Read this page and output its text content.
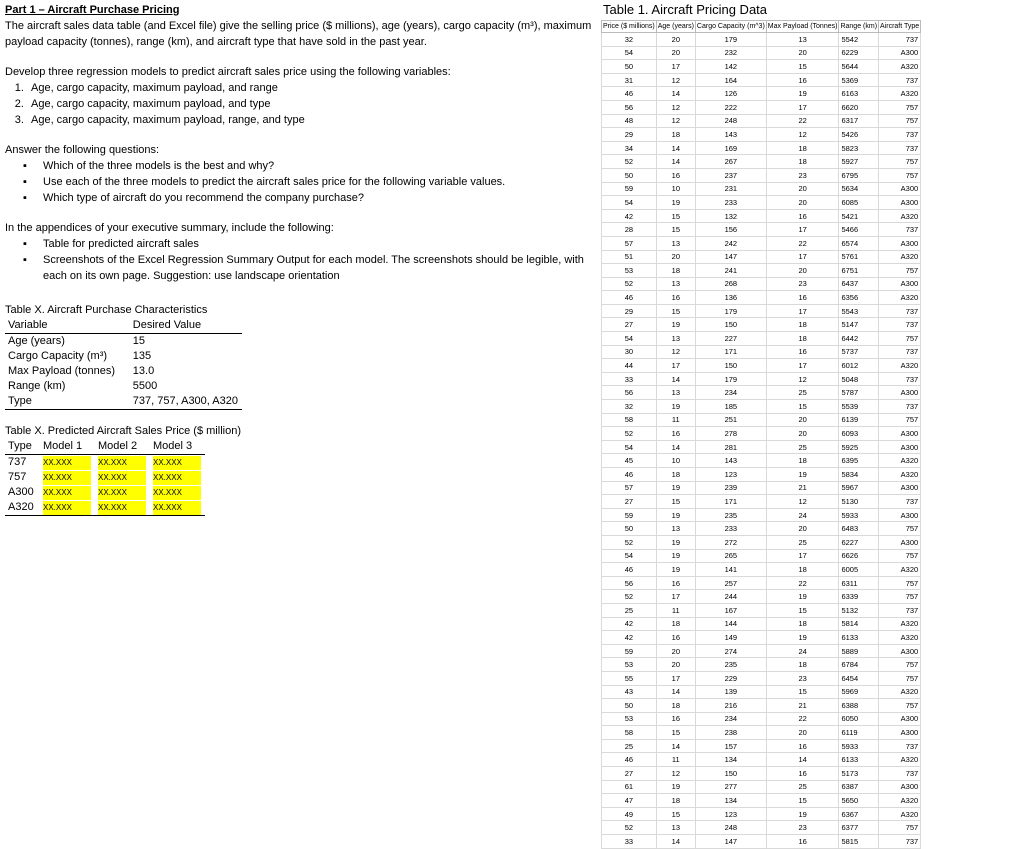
Part 1 – Aircraft Purchase Pricing

The aircraft sales data table (and Excel file) give the selling price ($ millions), age (years), cargo capacity (m³), maximum payload capacity (tonnes), range (km), and aircraft type that have sold in the past year.

Develop three regression models to predict aircraft sales price using the following variables:

1. Age, cargo capacity, maximum payload, and range
2. Age, cargo capacity, maximum payload, and type
3. Age, cargo capacity, maximum payload, range, and type

Answer the following questions:

▪ Which of the three models is the best and why?
▪ Use each of the three models to predict the aircraft sales price for the following variable values.
▪ Which type of aircraft do you recommend the company purchase?

In the appendices of your executive summary, include the following:

▪ Table for predicted aircraft sales
▪ Screenshots of the Excel Regression Summary Output for each model. The screenshots should be legible, with each on its own page. Suggestion: use landscape orientation
Table X. Aircraft Purchase Characteristics
Variable	Desired Value
Age (years)	15
Cargo Capacity (m³)	135
Max Payload (tonnes)	13.0
Range (km)	5500
Type	737, 757, A300, A320
Table X. Predicted Aircraft Sales Price ($ million)
Type	Model 1	Model 2	Model 3
737	XX.XXX	XX.XXX	XX.XXX
757	XX.XXX	XX.XXX	XX.XXX
A300	XX.XXX	XX.XXX	XX.XXX
A320	XX.XXX	XX.XXX	XX.XXX
Table 1. Aircraft Pricing Data
Price ($ millions)	Age (years)	Cargo Capacity (m^3)	Max Payload (Tonnes)	Range (km)	Aircraft Type
32	20	179	13	5542	737
54	20	232	20	6229	A300
50	17	142	15	5644	A320
31	12	164	16	5369	737
46	14	126	19	6163	A320
56	12	222	17	6620	757
48	12	248	22	6317	757
29	18	143	12	5426	737
34	14	169	18	5823	737
52	14	267	18	5927	757
50	16	237	23	6795	757
59	10	231	20	5634	A300
54	19	233	20	6085	A300
42	15	132	16	5421	A320
28	15	156	17	5466	737
57	13	242	22	6574	A300
51	20	147	17	5761	A320
53	18	241	20	6751	757
52	13	268	23	6437	A300
46	16	136	16	6356	A320
29	15	179	17	5543	737
27	19	150	18	5147	737
54	13	227	18	6442	757
30	12	171	16	5737	737
44	17	150	17	6012	A320
33	14	179	12	5048	737
56	13	234	25	5787	A300
32	19	185	15	5539	737
58	11	251	20	6139	757
52	16	278	20	6093	A300
54	14	281	25	5925	A300
45	10	143	18	6395	A320
46	18	123	19	5834	A320
57	19	239	21	5967	A300
27	15	171	12	5130	737
59	19	235	24	5933	A300
50	13	233	20	6483	757
52	19	272	25	6227	A300
54	19	265	17	6626	757
46	19	141	18	6005	A320
56	16	257	22	6311	757
52	17	244	19	6339	757
25	11	167	15	5132	737
42	18	144	18	5814	A320
42	16	149	19	6133	A320
59	20	274	24	5889	A300
53	20	235	18	6784	757
55	17	229	23	6454	757
43	14	139	15	5969	A320
50	18	216	21	6388	757
53	16	234	22	6050	A300
58	15	238	20	6119	A300
25	14	157	16	5933	737
46	11	134	14	6133	A320
27	12	150	16	5173	737
61	19	277	25	6387	A300
47	18	134	15	5650	A320
49	15	123	19	6367	A320
52	13	248	23	6377	757
33	14	147	16	5815	737
